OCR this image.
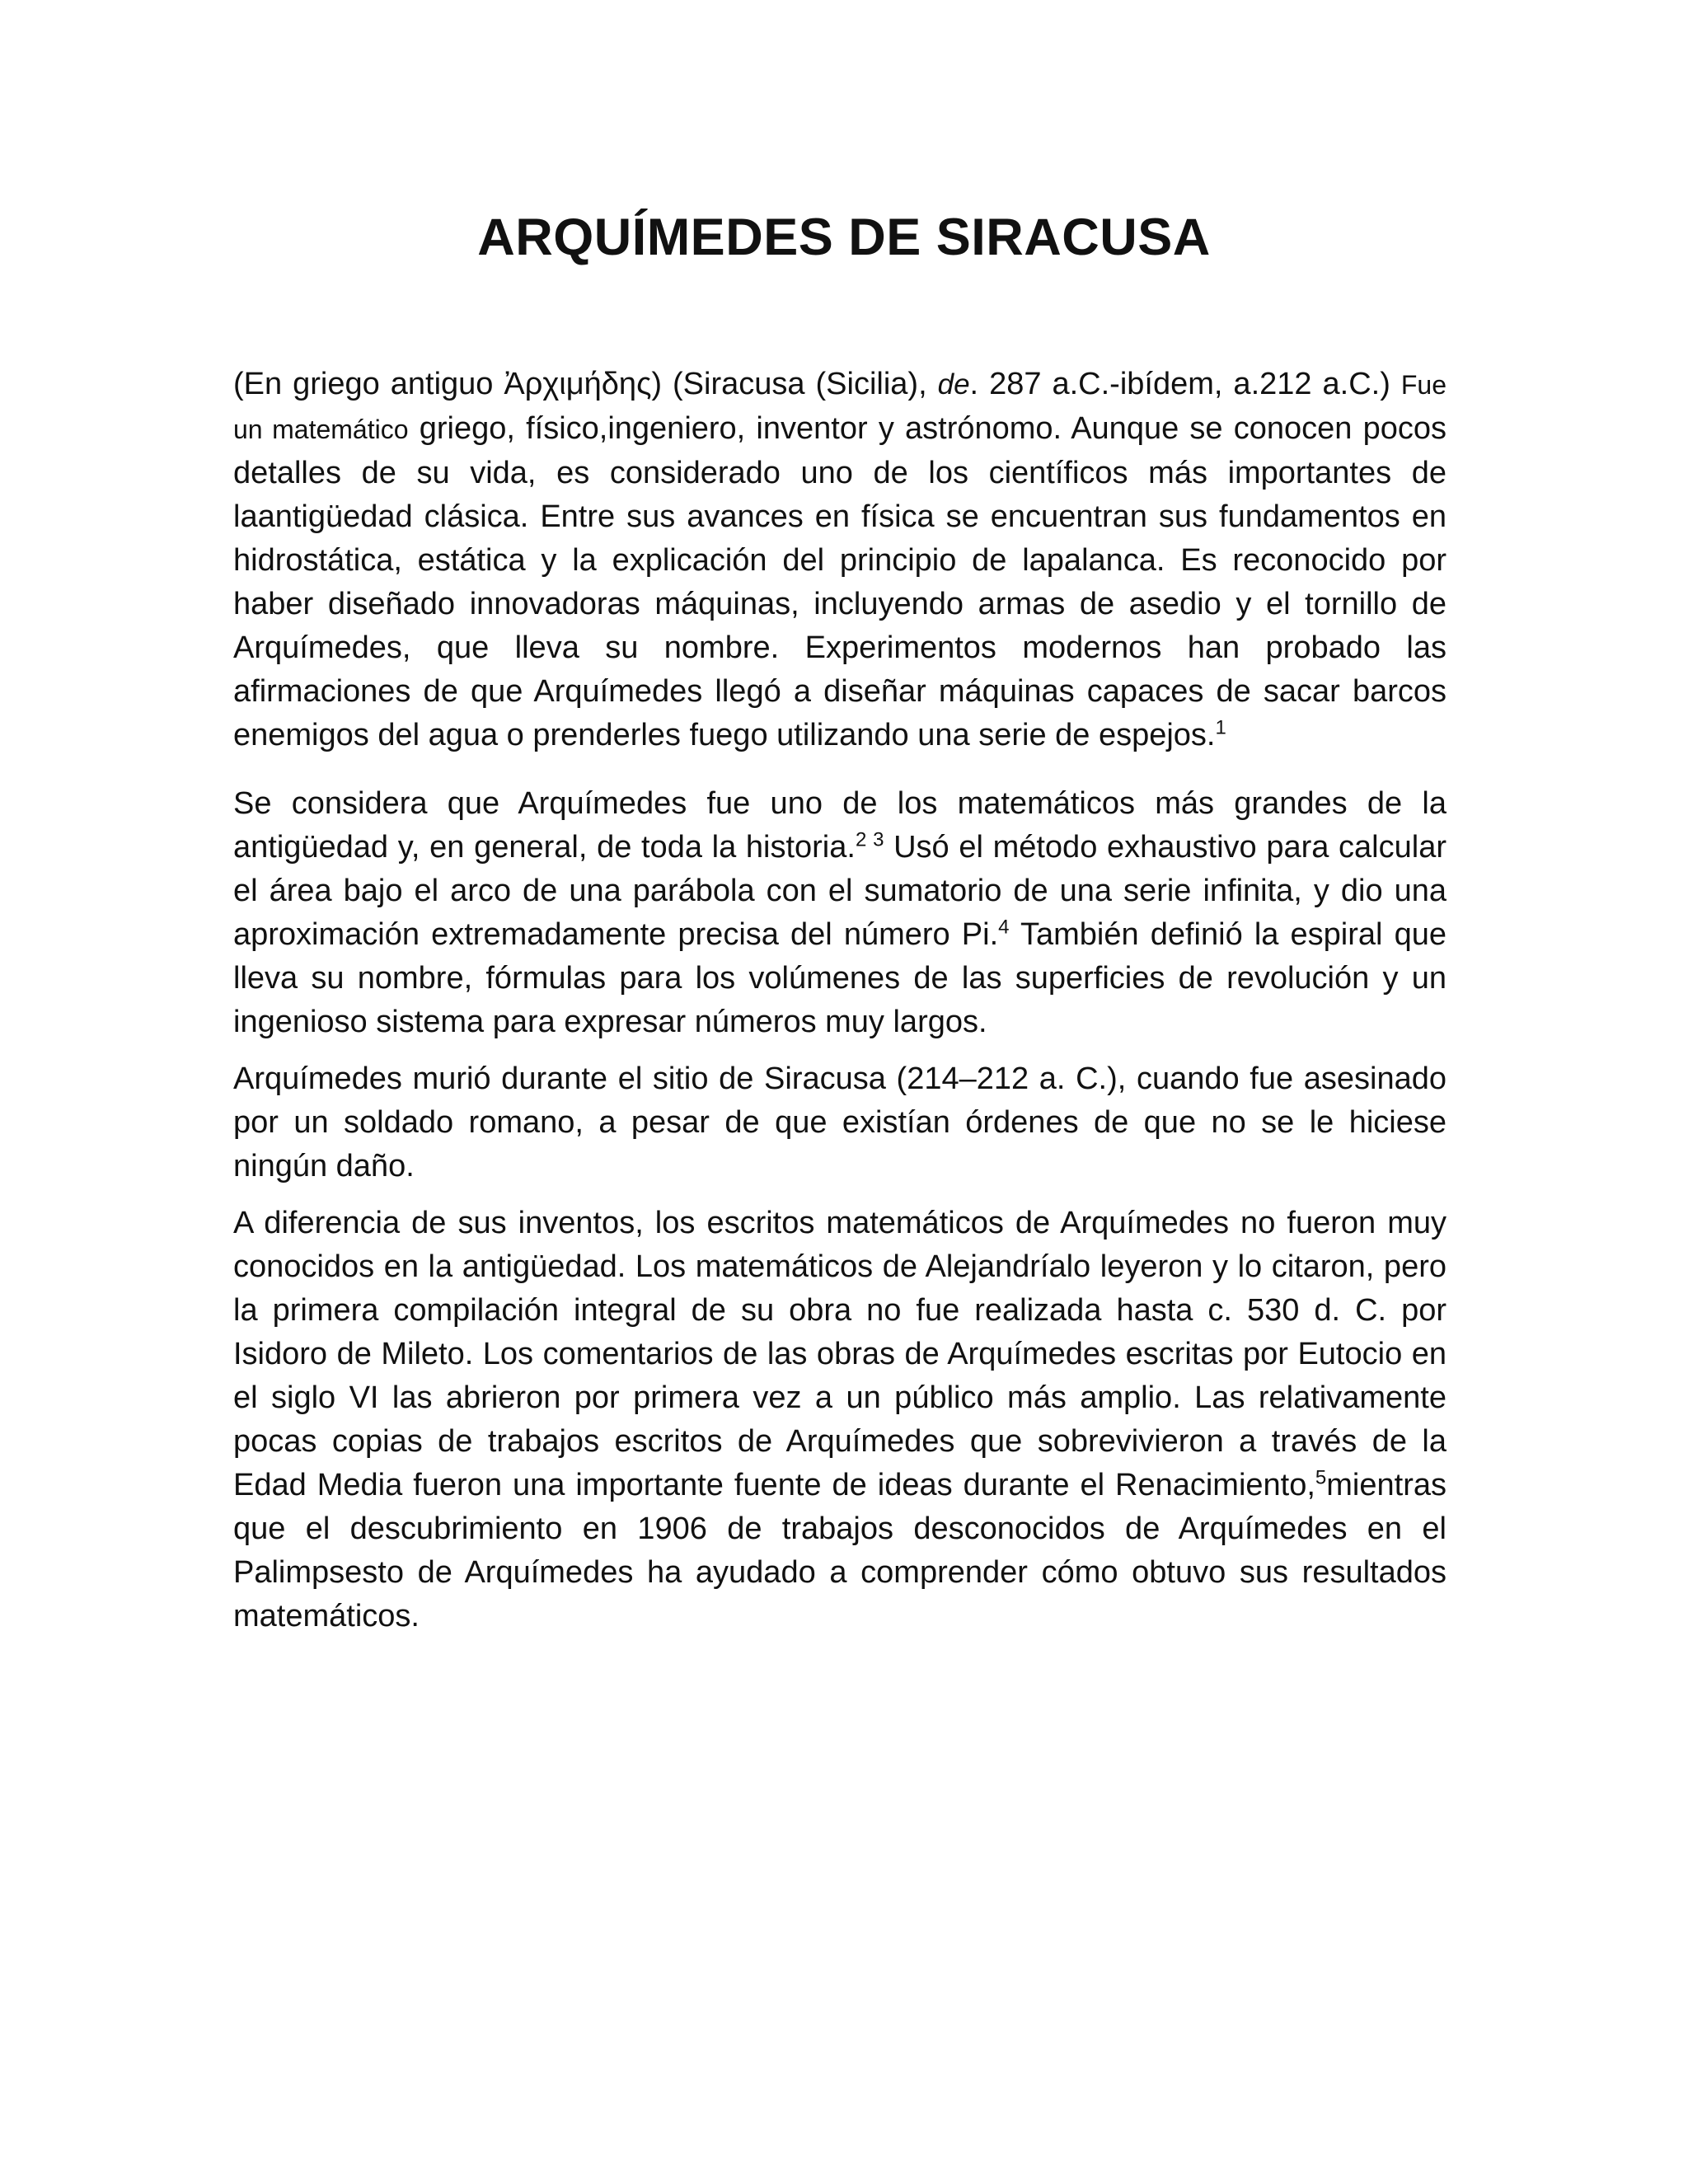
ARQUÍMEDES DE SIRACUSA

(En griego antiguo Ἀρχιμήδης) (Siracusa (Sicilia), de. 287 a.C.-ibídem, a.212 a.C.) Fue un matemático griego, físico,ingeniero, inventor y astrónomo. Aunque se conocen pocos detalles de su vida, es considerado uno de los científicos más importantes de laantigüedad clásica. Entre sus avances en física se encuentran sus fundamentos en hidrostática, estática y la explicación del principio de lapalanca. Es reconocido por haber diseñado innovadoras máquinas, incluyendo armas de asedio y el tornillo de Arquímedes, que lleva su nombre. Experimentos modernos han probado las afirmaciones de que Arquímedes llegó a diseñar máquinas capaces de sacar barcos enemigos del agua o prenderles fuego utilizando una serie de espejos.$^1$

Se considera que Arquímedes fue uno de los matemáticos más grandes de la antigüedad y, en general, de toda la historia.$^{2 3}$ Usó el método exhaustivo para calcular el área bajo el arco de una parábola con el sumatorio de una serie infinita, y dio una aproximación extremadamente precisa del número Pi.$^4$ También definió la espiral que lleva su nombre, fórmulas para los volúmenes de las superficies de revolución y un ingenioso sistema para expresar números muy largos.

Arquímedes murió durante el sitio de Siracusa (214–212 a. C.), cuando fue asesinado por un soldado romano, a pesar de que existían órdenes de que no se le hiciese ningún daño.

A diferencia de sus inventos, los escritos matemáticos de Arquímedes no fueron muy conocidos en la antigüedad. Los matemáticos de Alejandríalo leyeron y lo citaron, pero la primera compilación integral de su obra no fue realizada hasta c. 530 d. C. por Isidoro de Mileto. Los comentarios de las obras de Arquímedes escritas por Eutocio en el siglo VI las abrieron por primera vez a un público más amplio. Las relativamente pocas copias de trabajos escritos de Arquímedes que sobrevivieron a través de la Edad Media fueron una importante fuente de ideas durante el Renacimiento,$^5$mientras que el descubrimiento en 1906 de trabajos desconocidos de Arquímedes en el Palimpsesto de Arquímedes ha ayudado a comprender cómo obtuvo sus resultados matemáticos.
